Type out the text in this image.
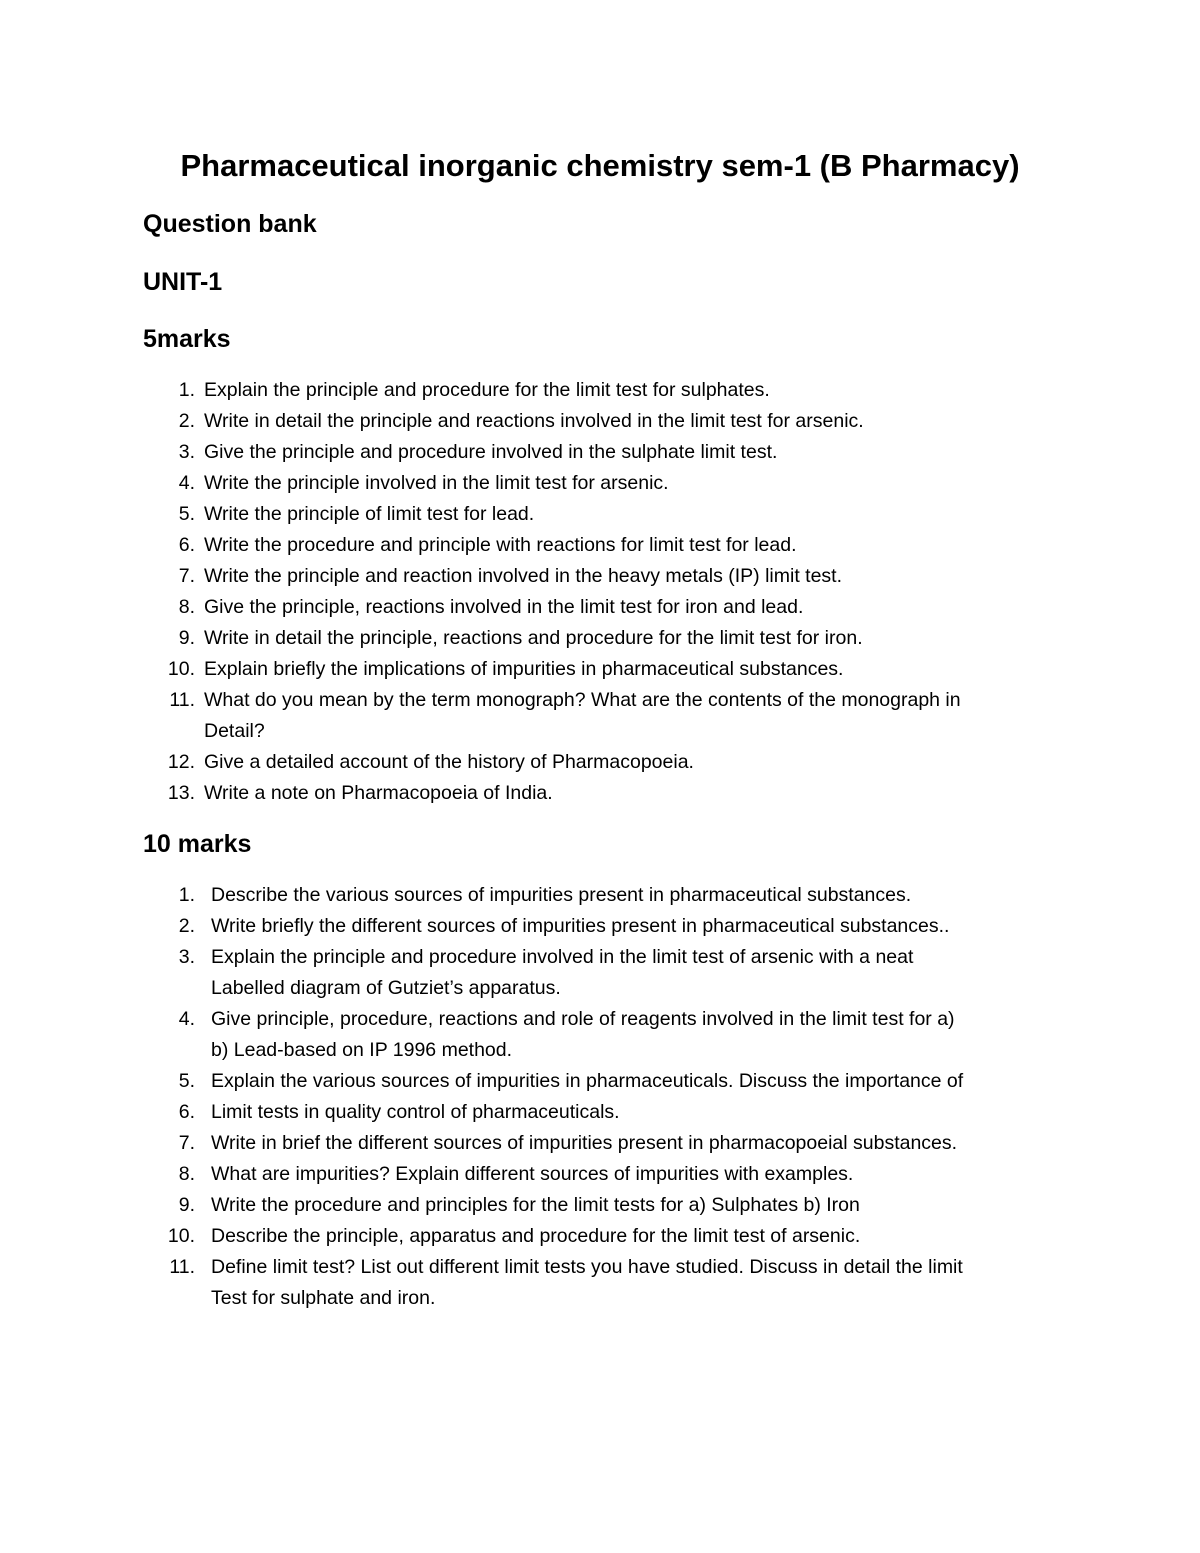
Pharmaceutical inorganic chemistry sem-1 (B Pharmacy)
Question bank
UNIT-1
5marks
1. Explain the principle and procedure for the limit test for sulphates.
2. Write in detail the principle and reactions involved in the limit test for arsenic.
3. Give the principle and procedure involved in the sulphate limit test.
4. Write the principle involved in the limit test for arsenic.
5. Write the principle of limit test for lead.
6. Write the procedure and principle with reactions for limit test for lead.
7. Write the principle and reaction involved in the heavy metals (IP) limit test.
8. Give the principle, reactions involved in the limit test for iron and lead.
9. Write in detail the principle, reactions and procedure for the limit test for iron.
10. Explain briefly the implications of impurities in pharmaceutical substances.
11. What do you mean by the term monograph? What are the contents of the monograph in
Detail?
12. Give a detailed account of the history of Pharmacopoeia.
13. Write a note on Pharmacopoeia of India.
10 marks
1. Describe the various sources of impurities present in pharmaceutical substances.
2. Write briefly the different sources of impurities present in pharmaceutical substances..
3. Explain the principle and procedure involved in the limit test of arsenic with a neat
Labelled diagram of Gutziet’s apparatus.
4. Give principle, procedure, reactions and role of reagents involved in the limit test for a)
b) Lead-based on IP 1996 method.
5. Explain the various sources of impurities in pharmaceuticals. Discuss the importance of
6. Limit tests in quality control of pharmaceuticals.
7. Write in brief the different sources of impurities present in pharmacopoeial substances.
8. What are impurities? Explain different sources of impurities with examples.
9. Write the procedure and principles for the limit tests for a) Sulphates b) Iron
10. Describe the principle, apparatus and procedure for the limit test of arsenic.
11. Define limit test? List out different limit tests you have studied. Discuss in detail the limit
Test for sulphate and iron.
